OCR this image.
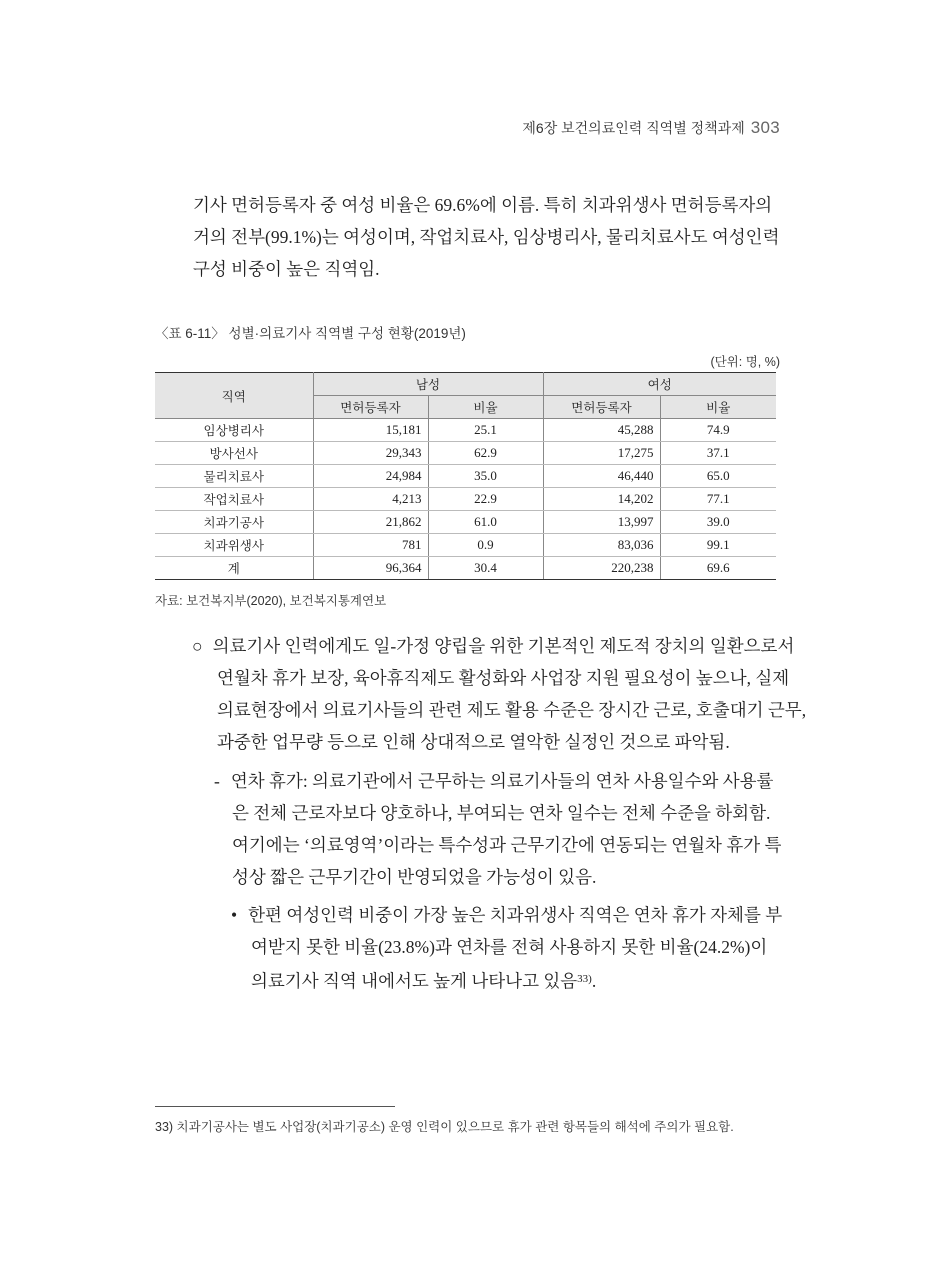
제6장 보건의료인력 직역별 정책과제 303
기사 면허등록자 중 여성 비율은 69.6%에 이름. 특히 치과위생사 면허등록자의
거의 전부(99.1%)는 여성이며, 작업치료사, 임상병리사, 물리치료사도 여성인력
구성 비중이 높은 직역임.
〈표 6-11〉 성별·의료기사 직역별 구성 현황(2019년)
(단위: 명, %)
직역	남성		여성	
	면허등록자	비율	면허등록자	비율
임상병리사	15,181	25.1	45,288	74.9
방사선사	29,343	62.9	17,275	37.1
물리치료사	24,984	35.0	46,440	65.0
작업치료사	4,213	22.9	14,202	77.1
치과기공사	21,862	61.0	13,997	39.0
치과위생사	781	0.9	83,036	99.1
계	96,364	30.4	220,238	69.6
자료: 보건복지부(2020), 보건복지통계연보
○ 의료기사 인력에게도 일-가정 양립을 위한 기본적인 제도적 장치의 일환으로서
연월차 휴가 보장, 육아휴직제도 활성화와 사업장 지원 필요성이 높으나, 실제
의료현장에서 의료기사들의 관련 제도 활용 수준은 장시간 근로, 호출대기 근무,
과중한 업무량 등으로 인해 상대적으로 열악한 실정인 것으로 파악됨.
- 연차 휴가: 의료기관에서 근무하는 의료기사들의 연차 사용일수와 사용률
은 전체 근로자보다 양호하나, 부여되는 연차 일수는 전체 수준을 하회함.
여기에는 ‘의료영역’이라는 특수성과 근무기간에 연동되는 연월차 휴가 특
성상 짧은 근무기간이 반영되었을 가능성이 있음.
• 한편 여성인력 비중이 가장 높은 치과위생사 직역은 연차 휴가 자체를 부
여받지 못한 비율(23.8%)과 연차를 전혀 사용하지 못한 비율(24.2%)이
의료기사 직역 내에서도 높게 나타나고 있음$^{33)}$.
33) 치과기공사는 별도 사업장(치과기공소) 운영 인력이 있으므로 휴가 관련 항목들의 해석에 주의가 필요함.
